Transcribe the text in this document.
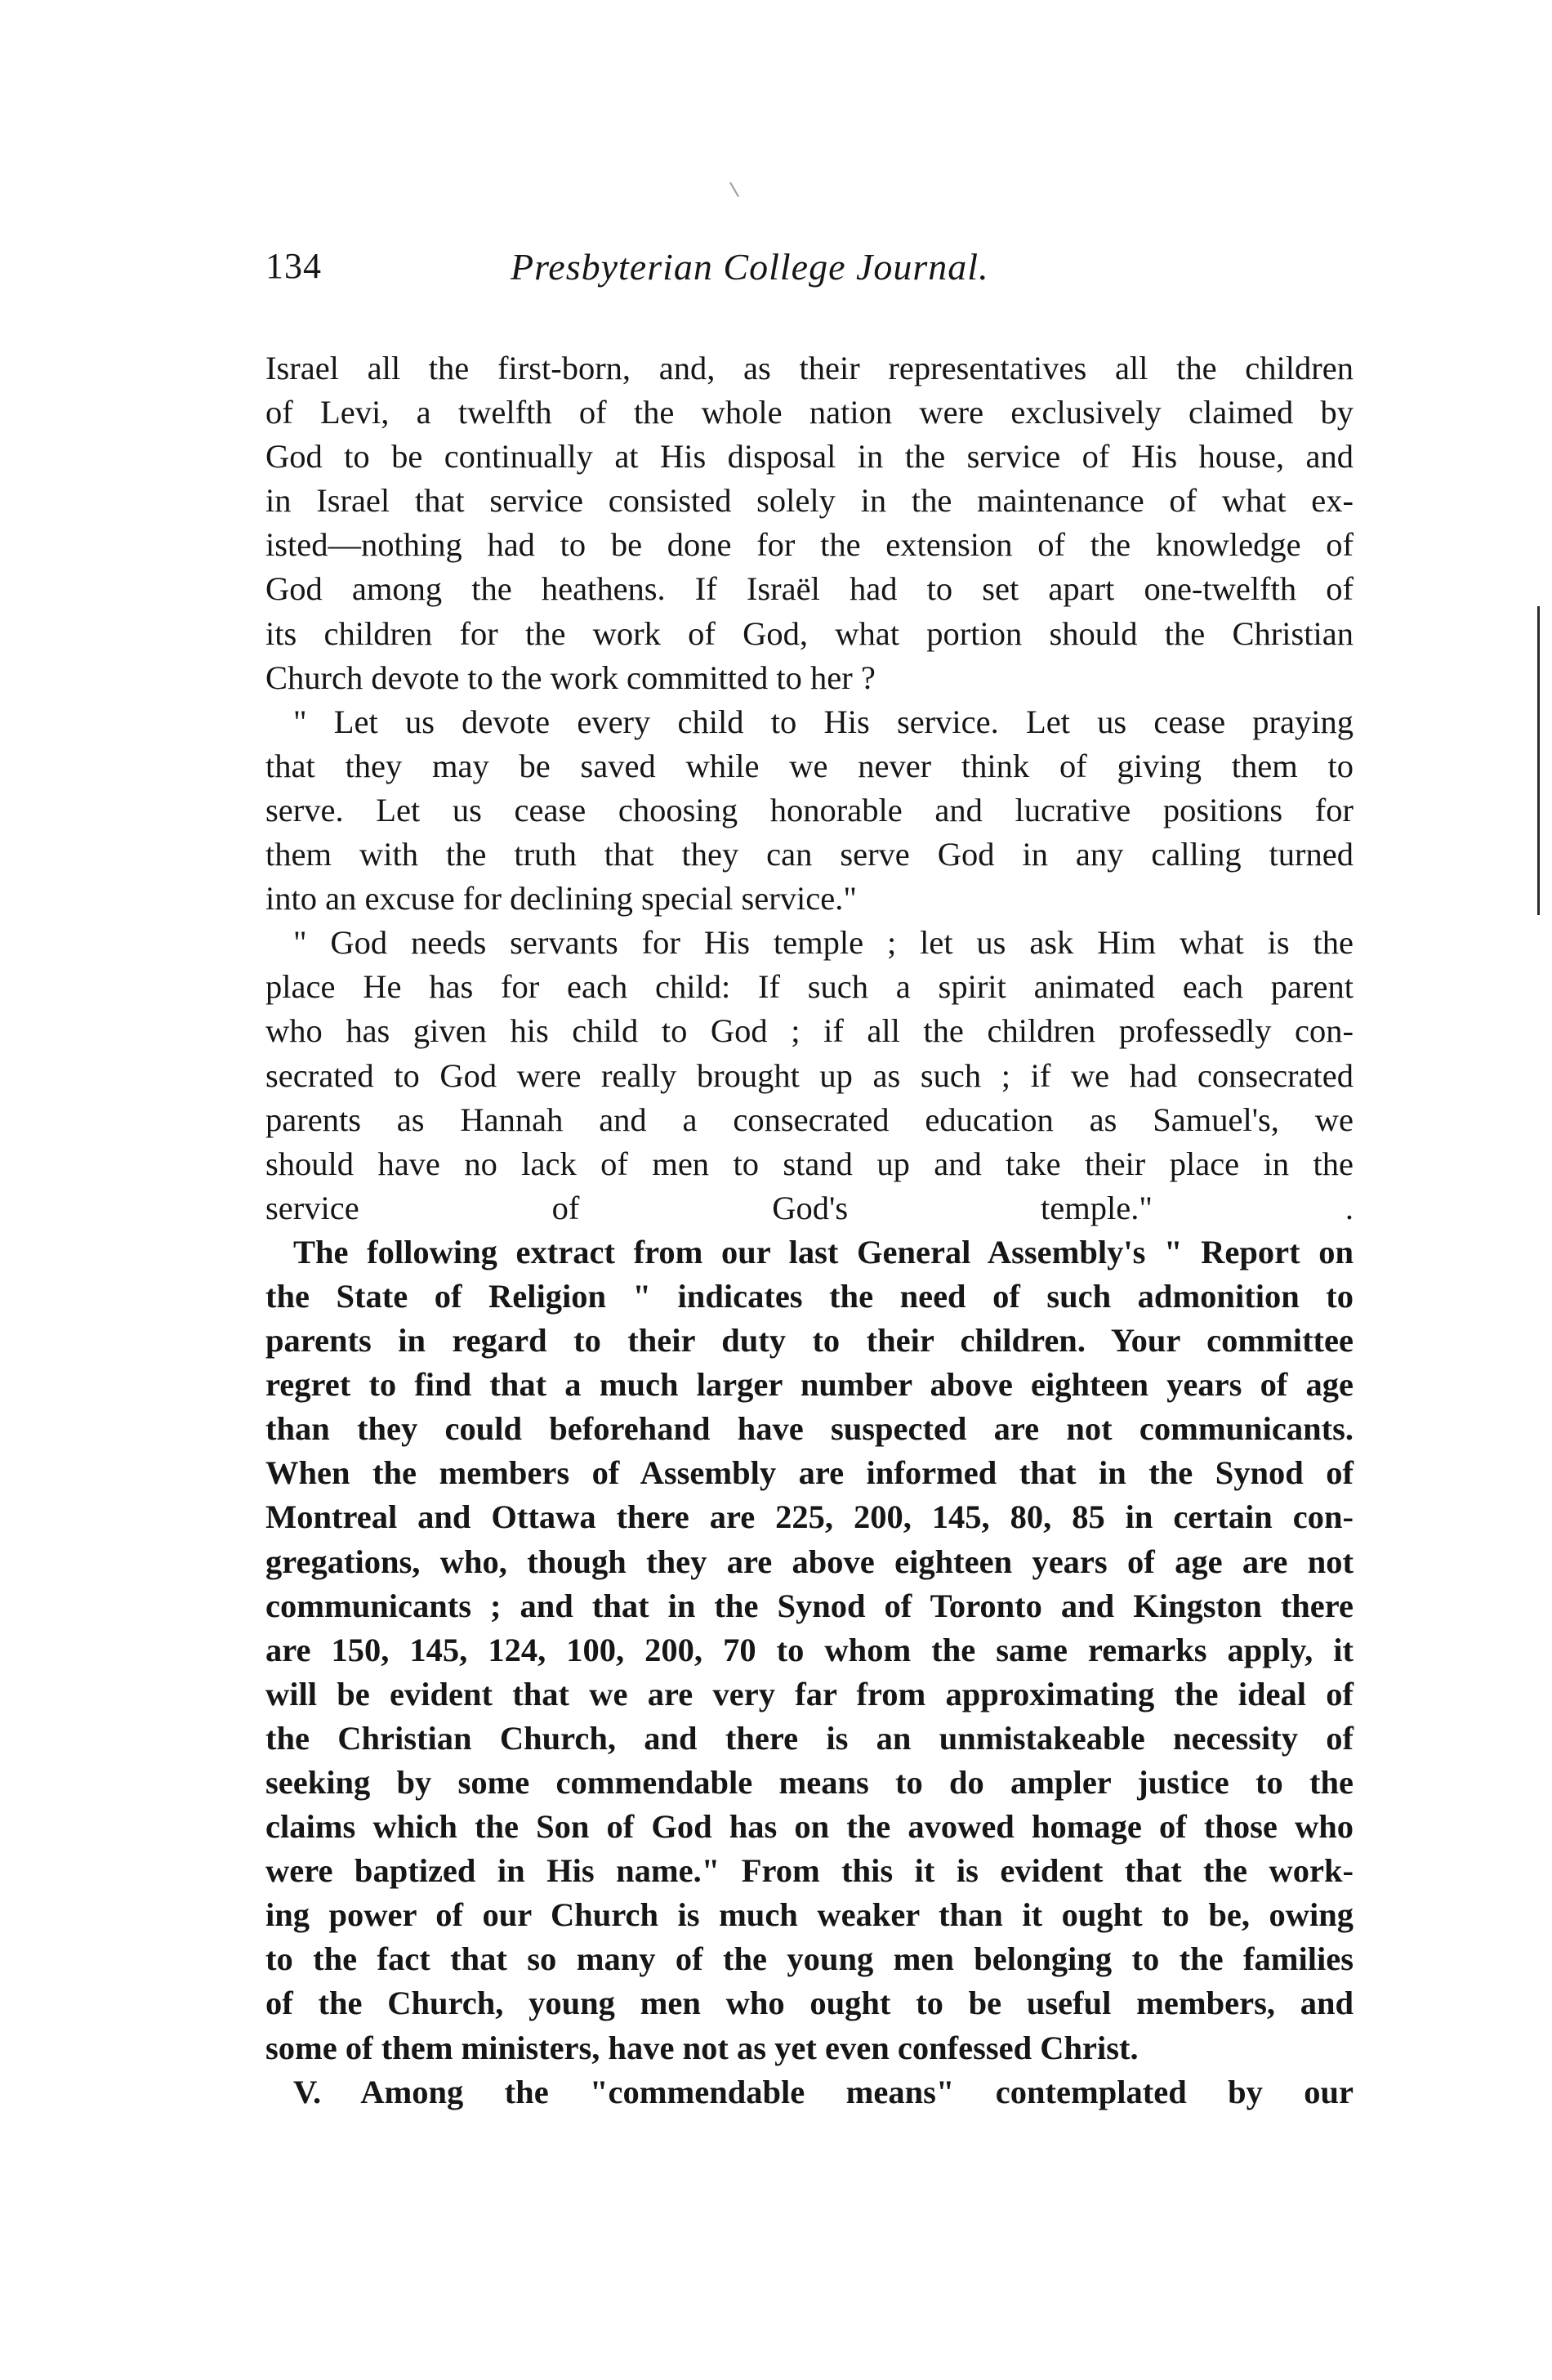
134	Presbyterian College Journal.
Israel all the first-born, and, as their representatives all the children
of Levi, a twelfth of the whole nation were exclusively claimed by
God to be continually at His disposal in the service of His house, and
in Israel that service consisted solely in the maintenance of what ex-
isted—nothing had to be done for the extension of the knowledge of
God among the heathens. If Israël had to set apart one-twelfth of
its children for the work of God, what portion should the Christian
Church devote to the work committed to her ?
" Let us devote every child to His service. Let us cease praying
that they may be saved while we never think of giving them to
serve. Let us cease choosing honorable and lucrative positions for
them with the truth that they can serve God in any calling turned
into an excuse for declining special service."
" God needs servants for His temple ; let us ask Him what is the
place He has for each child: If such a spirit animated each parent
who has given his child to God ; if all the children professedly con-
secrated to God were really brought up as such ; if we had consecrated
parents as Hannah and a consecrated education as Samuel's, we
should have no lack of men to stand up and take their place in the
service of God's temple." .
The following extract from our last General Assembly's " Report on
the State of Religion " indicates the need of such admonition to
parents in regard to their duty to their children. Your committee
regret to find that a much larger number above eighteen years of age
than they could beforehand have suspected are not communicants.
When the members of Assembly are informed that in the Synod of
Montreal and Ottawa there are 225, 200, 145, 80, 85 in certain con-
gregations, who, though they are above eighteen years of age are not
communicants ; and that in the Synod of Toronto and Kingston there
are 150, 145, 124, 100, 200, 70 to whom the same remarks apply, it
will be evident that we are very far from approximating the ideal of
the Christian Church, and there is an unmistakeable necessity of
seeking by some commendable means to do ampler justice to the
claims which the Son of God has on the avowed homage of those who
were baptized in His name." From this it is evident that the work-
ing power of our Church is much weaker than it ought to be, owing
to the fact that so many of the young men belonging to the families
of the Church, young men who ought to be useful members, and
some of them ministers, have not as yet even confessed Christ.
V. Among the "commendable means" contemplated by our
